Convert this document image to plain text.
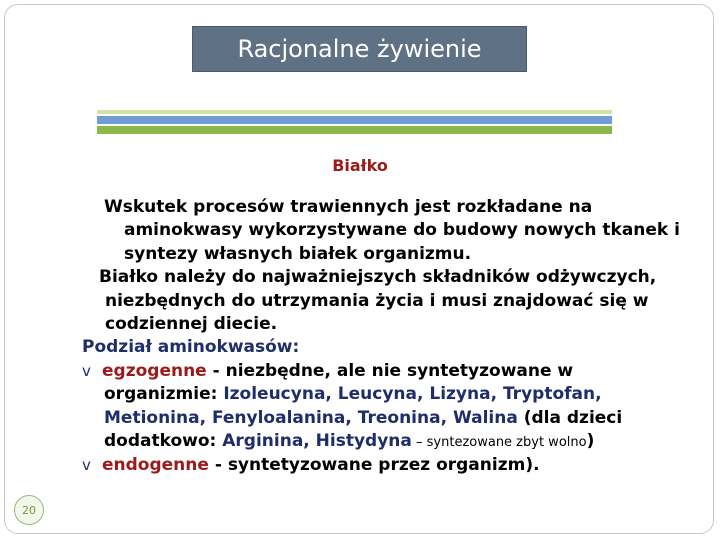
Racjonalne żywienie
Białko

Wskutek procesów trawiennych jest rozkładane na aminokwasy wykorzystywane do budowy nowych tkanek i syntezy własnych białek organizmu.

Białko należy do najważniejszych składników odżywczych, niezbędnych do utrzymania życia i musi znajdować się w codziennej diecie.

Podział aminokwasów:

v egzogenne - niezbędne, ale nie syntetyzowane w organizmie: Izoleucyna, Leucyna, Lizyna, Tryptofan, Metionina, Fenyloalanina, Treonina, Walina (dla dzieci dodatkowo: Arginina, Histydyna – syntezowane zbyt wolno)

v endogenne - syntetyzowane przez organizm).

20
